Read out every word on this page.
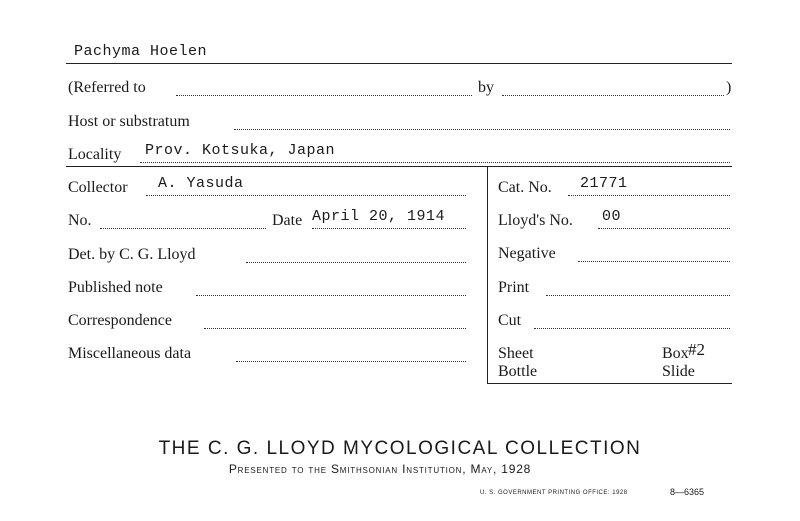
Pachyma Hoelen
(Referred to	by	)
Host or substratum
Locality Prov. Kotsuka, Japan
Collector A. Yasuda	Cat. No. 21771
No.	Date April 20, 1914	Lloyd's No. 00
Det. by C. G. Lloyd	Negative
Published note	Print
Correspondence	Cut
Miscellaneous data	Sheet	Box #2
Bottle	Slide
THE C. G. LLOYD MYCOLOGICAL COLLECTION
Presented to the Smithsonian Institution, May, 1928
U. S. GOVERNMENT PRINTING OFFICE: 1928	8—6365
